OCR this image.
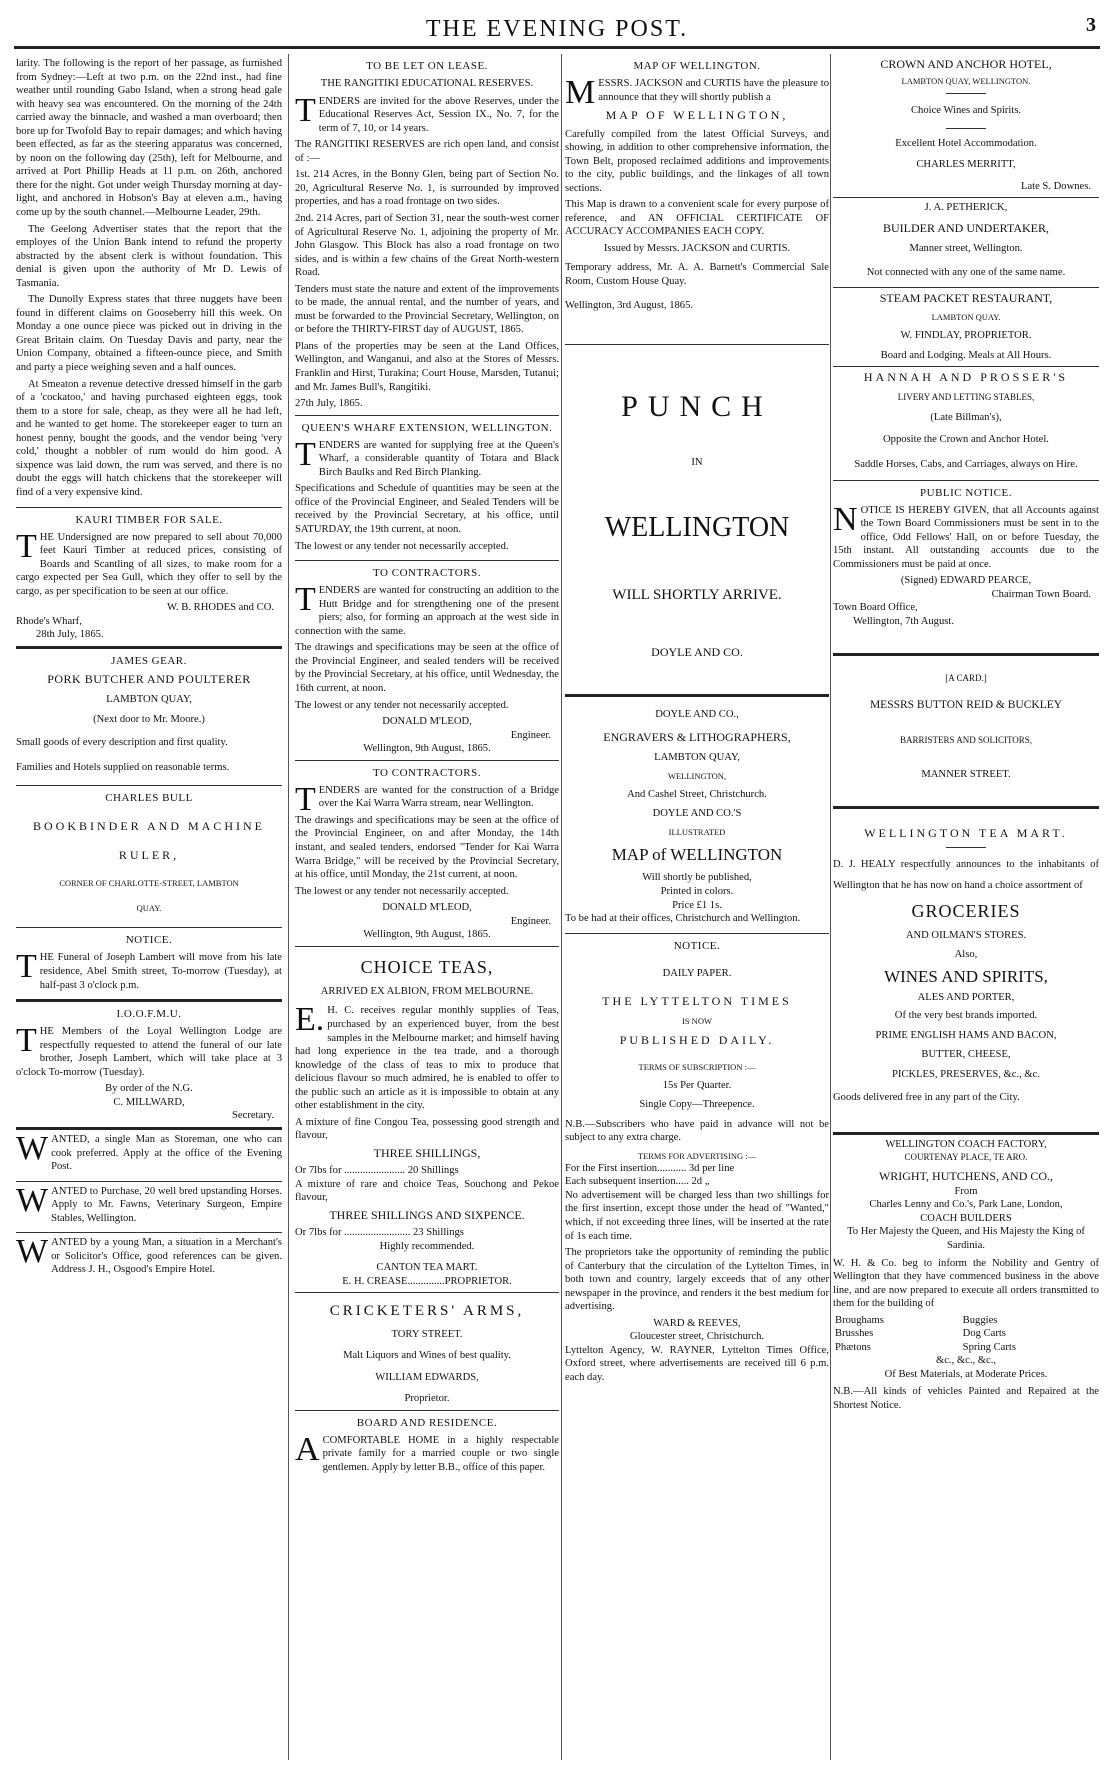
THE EVENING POST.	3

larity. The following is the report of her passage, as furnished from Sydney:—Left at two p.m. on the 22nd inst., had fine weather until rounding Gabo Island, when a strong head gale with heavy sea was encountered. On the morning of the 24th carried away the binnacle, and washed a man overboard; then bore up for Twofold Bay to repair damages; and which having been effected, as far as the steering apparatus was concerned, by noon on the following day (25th), left for Melbourne, and arrived at Port Phillip Heads at 11 p.m. on 26th, anchored there for the night. Got under weigh Thursday morning at day-light, and anchored in Hobson's Bay at eleven a.m., having come up by the south channel.—Melbourne Leader, 29th.

The Geelong Advertiser states that the report that the employes of the Union Bank intend to refund the property abstracted by the absent clerk is without foundation. This denial is given upon the authority of Mr D. Lewis of Tasmania.

The Dunolly Express states that three nuggets have been found in different claims on Gooseberry hill this week. On Monday a one ounce piece was picked out in driving in the Great Britain claim. On Tuesday Davis and party, near the Union Company, obtained a fifteen-ounce piece, and Smith and party a piece weighing seven and a half ounces.

At Smeaton a revenue detective dressed himself in the garb of a 'cockatoo,' and having purchased eighteen eggs, took them to a store for sale, cheap, as they were all he had left, and he wanted to get home. The storekeeper eager to turn an honest penny, bought the goods, and the vendor being 'very cold,' thought a nobbler of rum would do him good. A sixpence was laid down, the rum was served, and there is no doubt the eggs will hatch chickens that the storekeeper will find of a very expensive kind.

KAURI TIMBER FOR SALE.

THE Undersigned are now prepared to sell about 70,000 feet Kauri Timber at reduced prices, consisting of Boards and Scantling of all sizes, to make room for a cargo expected per Sea Gull, which they offer to sell by the cargo, as per specification to be seen at our office.

W. B. RHODES and CO.
Rhode's Wharf,
28th July, 1865.
JAMES GEAR.
PORK BUTCHER AND POULTERER
LAMBTON QUAY,
(Next door to Mr. Moore.)

Small goods of every description and first quality.

Families and Hotels supplied on reasonable terms.

CHARLES BULL
BOOKBINDER AND MACHINE
RULER,
CORNER OF CHARLOTTE-STREET, LAMBTON
QUAY.
NOTICE.

THE Funeral of Joseph Lambert will move from his late residence, Abel Smith street, To-morrow (Tuesday), at half-past 3 o'clock p.m.

I.O.O.F.M.U.

THE Members of the Loyal Wellington Lodge are respectfully requested to attend the funeral of our late brother, Joseph Lambert, which will take place at 3 o'clock To-morrow (Tuesday).

By order of the N.G.
C. MILLWARD,
Secretary.

WANTED, a single Man as Storeman, one who can cook preferred. Apply at the office of the Evening Post.

WANTED to Purchase, 20 well bred upstanding Horses. Apply to Mr. Fawns, Veterinary Surgeon, Empire Stables, Wellington.

WANTED by a young Man, a situation in a Merchant's or Solicitor's Office, good references can be given. Address J. H., Osgood's Empire Hotel.

TO BE LET ON LEASE.
THE RANGITIKI EDUCATIONAL RESERVES.

TENDERS are invited for the above Reserves, under the Educational Reserves Act, Session IX., No. 7, for the term of 7, 10, or 14 years.

The RANGITIKI RESERVES are rich open land, and consist of :—

1st. 214 Acres, in the Bonny Glen, being part of Section No. 20, Agricultural Reserve No. 1, is surrounded by improved properties, and has a road frontage on two sides.

2nd. 214 Acres, part of Section 31, near the south-west corner of Agricultural Reserve No. 1, adjoining the property of Mr. John Glasgow. This Block has also a road frontage on two sides, and is within a few chains of the Great North-western Road.

Tenders must state the nature and extent of the improvements to be made, the annual rental, and the number of years, and must be forwarded to the Provincial Secretary, Wellington, on or before the THIRTY-FIRST day of AUGUST, 1865.

Plans of the properties may be seen at the Land Offices, Wellington, and Wanganui, and also at the Stores of Messrs. Franklin and Hirst, Turakina; Court House, Marsden, Tutanui; and Mr. James Bull's, Rangitiki.

27th July, 1865.
QUEEN'S WHARF EXTENSION, WELLINGTON.

TENDERS are wanted for supplying free at the Queen's Wharf, a considerable quantity of Totara and Black Birch Baulks and Red Birch Planking.

Specifications and Schedule of quantities may be seen at the office of the Provincial Engineer, and Sealed Tenders will be received by the Provincial Secretary, at his office, until SATURDAY, the 19th current, at noon.

The lowest or any tender not necessarily accepted.

TO CONTRACTORS.

TENDERS are wanted for constructing an addition to the Hutt Bridge and for strengthening one of the present piers; also, for forming an approach at the west side in connection with the same.

The drawings and specifications may be seen at the office of the Provincial Engineer, and sealed tenders will be received by the Provincial Secretary, at his office, until Wednesday, the 16th current, at noon.

The lowest or any tender not necessarily accepted.

DONALD M'LEOD,
Engineer.
Wellington, 9th August, 1865.
TO CONTRACTORS.

TENDERS are wanted for the construction of a Bridge over the Kai Warra Warra stream, near Wellington.

The drawings and specifications may be seen at the office of the Provincial Engineer, on and after Monday, the 14th instant, and sealed tenders, endorsed "Tender for Kai Warra Warra Bridge," will be received by the Provincial Secretary, at his office, until Monday, the 21st current, at noon.

The lowest or any tender not necessarily accepted.

DONALD M'LEOD,
Engineer.
Wellington, 9th August, 1865.
CHOICE TEAS,
ARRIVED EX ALBION, FROM MELBOURNE.

E.H. C. receives regular monthly supplies of Teas, purchased by an experienced buyer, from the best samples in the Melbourne market; and himself having had long experience in the tea trade, and a thorough knowledge of the class of teas to mix to produce that delicious flavour so much admired, he is enabled to offer to the public such an article as it is impossible to obtain at any other establishment in the city.

A mixture of fine Congou Tea, possessing good strength and flavour,

THREE SHILLINGS,
Or 7lbs for ....................... 20 Shillings

A mixture of rare and choice Teas, Souchong and Pekoe flavour,

THREE SHILLINGS AND SIXPENCE.
Or 7lbs for ......................... 23 Shillings
Highly recommended.
CANTON TEA MART.
E. H. CREASE..............PROPRIETOR.
CRICKETERS' ARMS,
TORY STREET.
Malt Liquors and Wines of best quality.
WILLIAM EDWARDS,
Proprietor.
BOARD AND RESIDENCE.

ACOMFORTABLE HOME in a highly respectable private family for a married couple or two single gentlemen. Apply by letter B.B., office of this paper.

MAP OF WELLINGTON.

MESSRS. JACKSON and CURTIS have the pleasure to announce that they will shortly publish a

MAP OF WELLINGTON,

Carefully compiled from the latest Official Surveys, and showing, in addition to other comprehensive information, the Town Belt, proposed reclaimed additions and improvements to the city, public buildings, and the linkages of all town sections.

This Map is drawn to a convenient scale for every purpose of reference, and AN OFFICIAL CERTIFICATE OF ACCURACY ACCOMPANIES EACH COPY.

Issued by Messrs. JACKSON and CURTIS.

Temporary address, Mr. A. A. Barnett's Commercial Sale Room, Custom House Quay.

Wellington, 3rd August, 1865.
PUNCH
IN
WELLINGTON
WILL SHORTLY ARRIVE.
DOYLE AND CO.
DOYLE AND CO.,
ENGRAVERS & LITHOGRAPHERS,
LAMBTON QUAY,
WELLINGTON,
And Cashel Street, Christchurch.
DOYLE AND CO.'S
ILLUSTRATED
MAP of WELLINGTON
Will shortly be published,
Printed in colors.
Price £1 1s.

To be had at their offices, Christchurch and Wellington.

NOTICE.
DAILY PAPER.
THE LYTTELTON TIMES
IS NOW
PUBLISHED DAILY.
TERMS OF SUBSCRIPTION :—
15s Per Quarter.
Single Copy—Threepence.

N.B.—Subscribers who have paid in advance will not be subject to any extra charge.

TERMS FOR ADVERTISING :—
For the First insertion........... 3d per line
Each subsequent insertion..... 2d „

No advertisement will be charged less than two shillings for the first insertion, except those under the head of "Wanted," which, if not exceeding three lines, will be inserted at the rate of 1s each time.

The proprietors take the opportunity of reminding the public of Canterbury that the circulation of the Lyttelton Times, in both town and country, largely exceeds that of any other newspaper in the province, and renders it the best medium for advertising.

WARD & REEVES,
Gloucester street, Christchurch.

Lyttelton Agency, W. RAYNER, Lyttelton Times Office, Oxford street, where advertisements are received till 6 p.m. each day.

CROWN AND ANCHOR HOTEL,
LAMBTON QUAY, WELLINGTON.
Choice Wines and Spirits.
Excellent Hotel Accommodation.
CHARLES MERRITT,
Late S. Downes.
J. A. PETHERICK,
BUILDER AND UNDERTAKER,
Manner street, Wellington.
Not connected with any one of the same name.
STEAM PACKET RESTAURANT,
LAMBTON QUAY.
W. FINDLAY, PROPRIETOR.
Board and Lodging. Meals at All Hours.
HANNAH AND PROSSER'S
LIVERY AND LETTING STABLES,
(Late Billman's),
Opposite the Crown and Anchor Hotel.
Saddle Horses, Cabs, and Carriages, always on Hire.
PUBLIC NOTICE.

NOTICE IS HEREBY GIVEN, that all Accounts against the Town Board Commissioners must be sent in to the office, Odd Fellows' Hall, on or before Tuesday, the 15th instant. All outstanding accounts due to the Commissioners must be paid at once.

(Signed) EDWARD PEARCE,
Chairman Town Board.
Town Board Office,
Wellington, 7th August.
[A CARD.]
MESSRS BUTTON REID & BUCKLEY
BARRISTERS AND SOLICITORS,
MANNER STREET.
WELLINGTON TEA MART.

D. J. HEALY respectfully announces to the inhabitants of Wellington that he has now on hand a choice assortment of

GROCERIES
AND OILMAN'S STORES.
Also,
WINES AND SPIRITS,
ALES AND PORTER,
Of the very best brands imported.
PRIME ENGLISH HAMS AND BACON,
BUTTER, CHEESE,
PICKLES, PRESERVES, &c., &c.

Goods delivered free in any part of the City.

WELLINGTON COACH FACTORY,
COURTENAY PLACE, TE ARO.
WRIGHT, HUTCHENS, AND CO.,
From
Charles Lenny and Co.'s, Park Lane, London,
COACH BUILDERS
To Her Majesty the Queen, and His Majesty the King of Sardinia.

W. H. & Co. beg to inform the Nobility and Gentry of Wellington that they have commenced business in the above line, and are now prepared to execute all orders transmitted to them for the building of

Broughams	Buggies
Brusshes	Dog Carts
Phætons	Spring Carts
&c., &c., &c.,
Of Best Materials, at Moderate Prices.

N.B.—All kinds of vehicles Painted and Repaired at the Shortest Notice.
